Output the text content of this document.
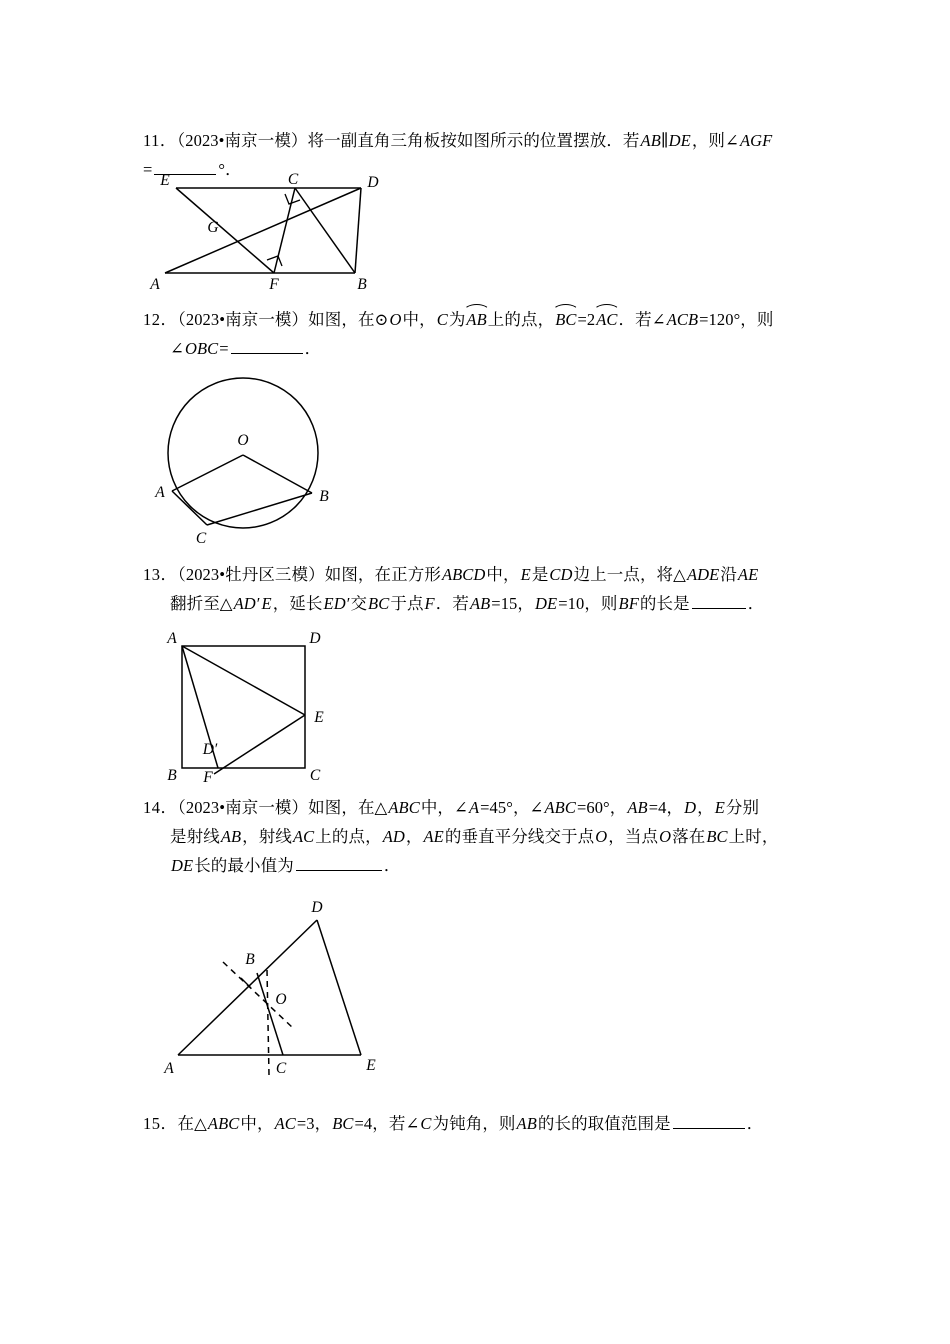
11．（2023•南京一模）将一副直角三角板按如图所示的位置摆放．若AB∥DE，则∠AGF
=	°．
E	C	D
G
A	F	B
12．（2023•南京一模）如图，在⊙O中，C为
AB上的点，
BC=2
AC．若∠ACB=120°，则
∠OBC=	．
O
A	B
C
13．（2023•牡丹区三模）如图，在正方形ABCD中，E是CD边上一点，将△ADE沿AE
翻折至△AD′E，延长ED′交BC于点F．若AB=15，DE=10，则BF的长是	．
A	D
E
D′
B F	C
14．（2023•南京一模）如图，在△ABC中，∠A=45°，∠ABC=60°，AB=4，D，E分别
是射线AB，射线AC上的点，AD，AE的垂直平分线交于点O，当点O落在BC上时，
DE长的最小值为	．
D
B
O
A	C	E
15．在△ABC中，AC=3，BC=4，若∠C为钝角，则AB的长的取值范围是	．
